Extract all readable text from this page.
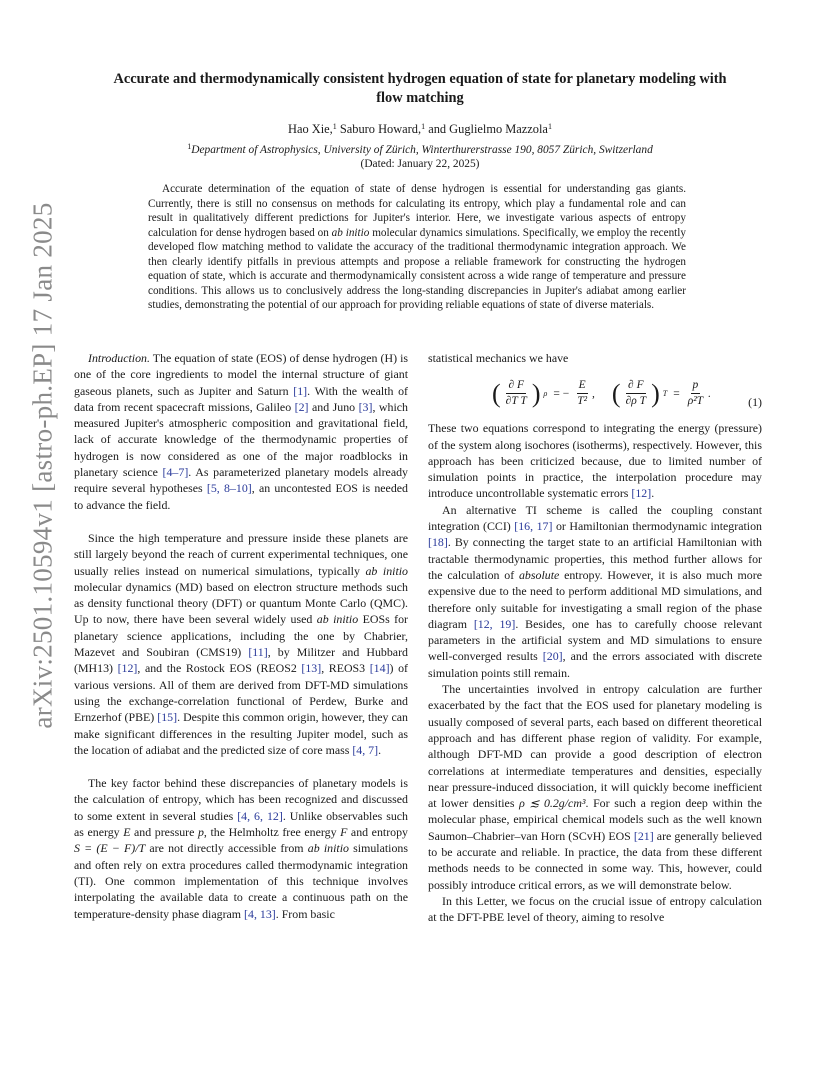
arXiv:2501.10594v1 [astro-ph.EP] 17 Jan 2025
Accurate and thermodynamically consistent hydrogen equation of state for planetary modeling with
flow matching
Hao Xie,$^1$ Saburo Howard,$^1$ and Guglielmo Mazzola$^1$
$^1$Department of Astrophysics, University of Zürich, Winterthurerstrasse 190, 8057 Zürich, Switzerland
(Dated: January 22, 2025)
Accurate determination of the equation of state of dense hydrogen is essential for understanding gas giants. Currently, there is still no consensus on methods for calculating its entropy, which play a fundamental role and can result in qualitatively different predictions for Jupiter's interior. Here, we investigate various aspects of entropy calculation for dense hydrogen based on ab initio molecular dynamics simulations. Specifically, we employ the recently developed flow matching method to validate the accuracy of the traditional thermodynamic integration approach. We then clearly identify pitfalls in previous attempts and propose a reliable framework for constructing the hydrogen equation of state, which is accurate and thermodynamically consistent across a wide range of temperature and pressure conditions. This allows us to conclusively address the long-standing discrepancies in Jupiter's adiabat among earlier studies, demonstrating the potential of our approach for providing reliable equations of state of diverse materials.

Introduction. The equation of state (EOS) of dense hydrogen (H) is one of the core ingredients to model the internal structure of giant gaseous planets, such as Jupiter and Saturn [1]. With the wealth of data from recent spacecraft missions, Galileo [2] and Juno [3], which measured Jupiter's atmospheric composition and gravitational field, lack of accurate knowledge of the thermodynamic properties of hydrogen is now considered as one of the major roadblocks in planetary science [4–7]. As parameterized planetary models already require several hypotheses [5, 8–10], an uncontested EOS is needed to advance the field.

Since the high temperature and pressure inside these planets are still largely beyond the reach of current experimental techniques, one usually relies instead on numerical simulations, typically ab initio molecular dynamics (MD) based on electron structure methods such as density functional theory (DFT) or quantum Monte Carlo (QMC). Up to now, there have been several widely used ab initio EOSs for planetary science applications, including the one by Chabrier, Mazevet and Soubiran (CMS19) [11], by Militzer and Hubbard (MH13) [12], and the Rostock EOS (REOS2 [13], REOS3 [14]) of various versions. All of them are derived from DFT-MD simulations using the exchange-correlation functional of Perdew, Burke and Ernzerhof (PBE) [15]. Despite this common origin, however, they can make significant differences in the resulting Jupiter model, such as the location of adiabat and the predicted size of core mass [4, 7].

The key factor behind these discrepancies of planetary models is the calculation of entropy, which has been recognized and discussed to some extent in several studies [4, 6, 12]. Unlike observables such as energy E and pressure p, the Helmholtz free energy F and entropy S = (E − F)/T are not directly accessible from ab initio simulations and often rely on extra procedures called thermodynamic integration (TI). One common implementation of this technique involves interpolating the available data to create a continuous path on the temperature-density phase diagram [4, 13]. From basic

statistical mechanics we have
( $\frac{\partial F}{\text{∂T T}}$ ) ρ = − $\frac{E}{\text{T²}}$ , ( $\frac{\partial F}{\text{∂ρ T}}$ ) $T = \frac{p}{\text{ρ²T}}$ .
(1)

These two equations correspond to integrating the energy (pressure) of the system along isochores (isotherms), respectively. However, this approach has been criticized because, due to limited number of simulation points in practice, the interpolation procedure may introduce uncontrollable systematic errors [12].

An alternative TI scheme is called the coupling constant integration (CCI) [16, 17] or Hamiltonian thermodynamic integration [18]. By connecting the target state to an artificial Hamiltonian with tractable thermodynamic properties, this method further allows for the calculation of absolute entropy. However, it is also much more expensive due to the need to perform additional MD simulations, and therefore only suitable for investigating a small region of the phase diagram [12, 19]. Besides, one has to carefully choose relevant parameters in the artificial system and MD simulations to ensure well-converged results [20], and the errors associated with discrete simulation points still remain.

The uncertainties involved in entropy calculation are further exacerbated by the fact that the EOS used for planetary modeling is usually composed of several parts, each based on different theoretical approach and has different phase region of validity. For example, although DFT-MD can provide a good description of electron correlations at intermediate temperatures and densities, especially near pressure-induced dissociation, it will quickly become inefficient at lower densities ρ ≲ 0.2g/cm³. For such a region deep within the molecular phase, empirical chemical models such as the well known Saumon–Chabrier–van Horn (SCvH) EOS [21] are generally believed to be accurate and reliable. In practice, the data from these different methods needs to be connected in some way. This, however, could possibly introduce critical errors, as we will demonstrate below.

In this Letter, we focus on the crucial issue of entropy calculation at the DFT-PBE level of theory, aiming to resolve
